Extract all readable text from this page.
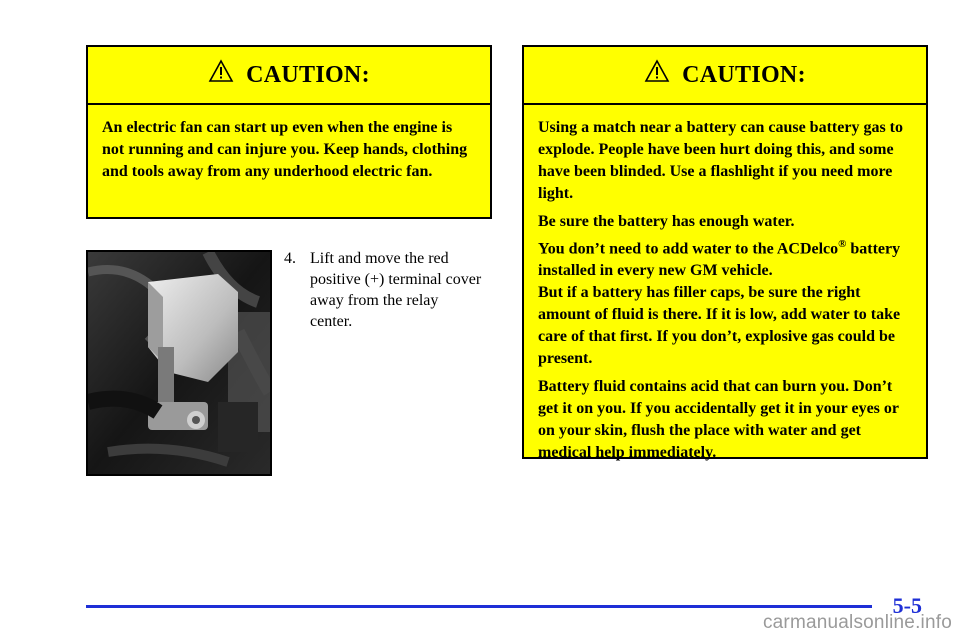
CAUTION:

An electric fan can start up even when the engine is not running and can injure you. Keep hands, clothing and tools away from any underhood electric fan.

4. Lift and move the red positive (+) terminal cover away from the relay center.
CAUTION:

Using a match near a battery can cause battery gas to explode. People have been hurt doing this, and some have been blinded. Use a flashlight if you need more light.

Be sure the battery has enough water.
You don’t need to add water to the ACDelco® battery installed in every new GM vehicle.
But if a battery has filler caps, be sure the right amount of fluid is there. If it is low, add water to take care of that first. If you don’t, explosive gas could be present.

Battery fluid contains acid that can burn you. Don’t get it on you. If you accidentally get it in your eyes or on your skin, flush the place with water and get medical help immediately.

5-5
carmanualsonline.info
